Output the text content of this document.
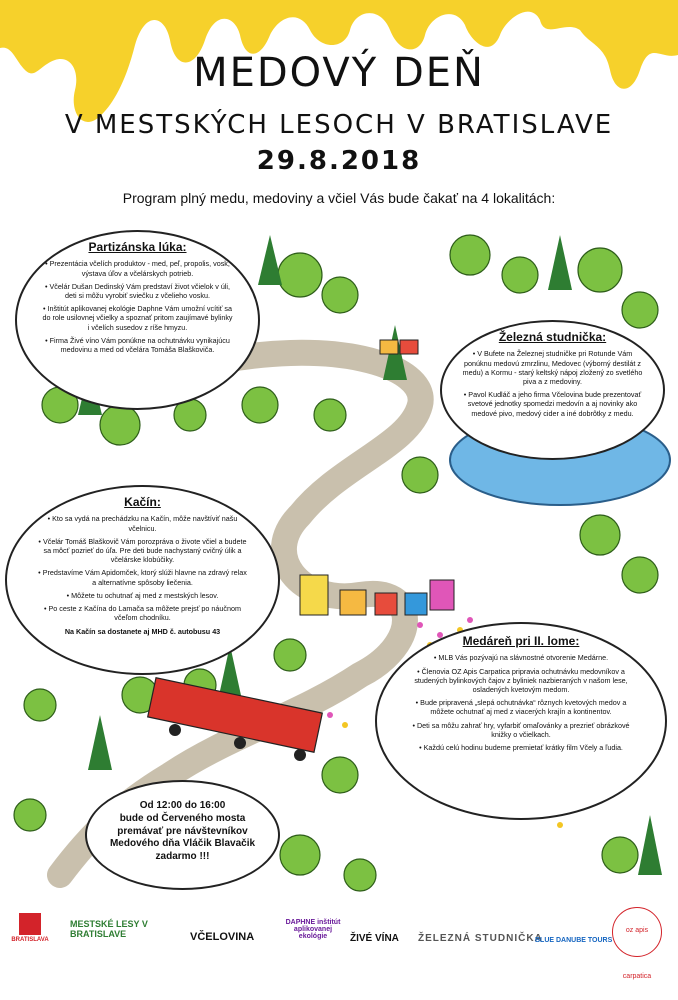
MEDOVÝ DEŇ
V MESTSKÝCH LESOCH V BRATISLAVE
29.8.2018
Program plný medu, medoviny a včiel Vás bude čakať na 4 lokalitách:
Partizánska lúka:
• Prezentácia včelích produktov - med, peľ, propolis, vosk, výstava úľov a včelárskych potrieb.
• Včelár Dušan Dedinský Vám predstaví život včielok v úli, deti si môžu vyrobiť sviečku z včelieho vosku.
• Inštitút aplikovanej ekológie Daphne Vám umožní vcítiť sa do role usilovnej včielky a spoznať pritom zaujímavé bylinky i včelích susedov z ríše hmyzu.
• Firma Živé víno Vám ponúkne na ochutnávku vynikajúcu medovinu a med od včelára Tomáša Blaškoviča.
Železná studnička:
• V Bufete na Železnej studničke pri Rotunde Vám ponúknu medovú zmrzlinu, Medovec (výborný destilát z medu) a Kormu - starý keltský nápoj zložený zo svetlého piva a z medoviny.
• Pavol Kudláč a jeho firma Včelovina bude prezentovať svetové jednotky spomedzi medovín a aj novinky ako medové pivo, medový cider a iné dobrôtky z medu.
Kačín:
• Kto sa vydá na prechádzku na Kačín, môže navštíviť našu včelnicu.
• Včelár Tomáš Blaškovič Vám porozpráva o živote včiel a budete sa môcť pozrieť do úľa. Pre deti bude nachystaný cvičný úlik a včelárske klobúčiky.
• Predstavíme Vám Apidomček, ktorý slúži hlavne na zdravý relax a alternatívne spôsoby liečenia.
• Môžete tu ochutnať aj med z mestských lesov.
• Po ceste z Kačína do Lamača sa môžete prejsť po náučnom včeľom chodníku.
Na Kačín sa dostanete aj MHD č. autobusu 43
Medáreň pri II. lome:
• MLB Vás pozývajú na slávnostné otvorenie Medárne.
• Členovia OZ Apis Carpatica pripravia ochutnávku medovníkov a studených bylinkových čajov z byliniek nazbieraných v našom lese, osladených kvetovým medom.
• Bude pripravená „slepá ochutnávka“ rôznych kvetových medov a môžete ochutnať aj med z viacerých krajín a kontinentov.
• Deti sa môžu zahrať hry, vyfarbiť omaľovánky a prezrieť obrázkové knižky o včielkach.
• Každú celú hodinu budeme premietať krátky film Včely a ľudia.
Od 12:00 do 16:00
bude od Červeného mosta
premávať pre návštevníkov
Medového dňa Vláčik Blavačik
zadarmo !!!
BRATISLAVA
MESTSKÉ LESY V BRATISLAVE	VČELOVINA
DAPHNE inštitút aplikovanej ekológie	ŽIVÉ VÍNA ŽELEZNÁ STUDNIČKA
BLUE DANUBE TOURS
oz apis carpatica
